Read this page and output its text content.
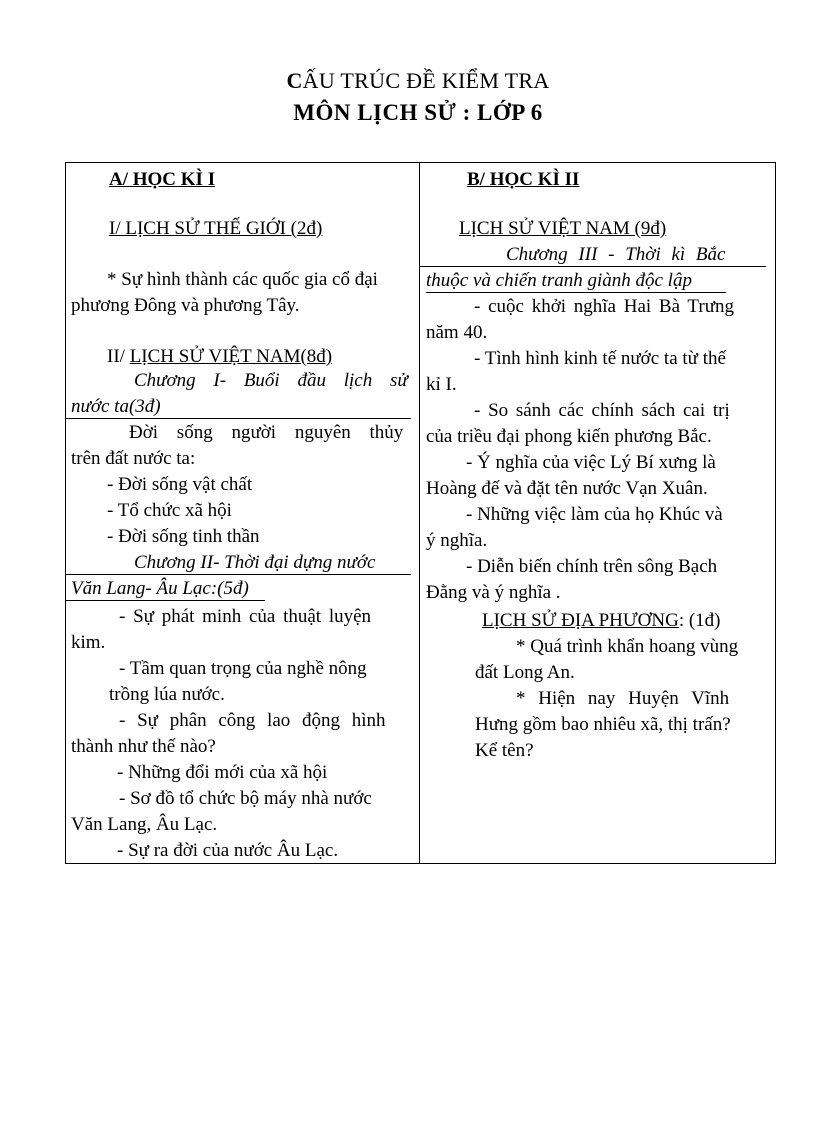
CẤU TRÚC ĐỀ KIỂM TRA
MÔN LỊCH SỬ : LỚP 6
A/ HỌC KÌ I
I/ LỊCH SỬ THẾ GIỚI (2đ)
* Sự hình thành các quốc gia cổ đại
phương Đông và phương Tây.
II/ LỊCH SỬ VIỆT NAM(8đ)
Chương I- Buổi đầu lịch sử
nước ta(3đ)
Đời sống người nguyên thủy
trên đất nước ta:
- Đời sống vật chất
- Tổ chức xã hội
- Đời sống tinh thần
Chương II- Thời đại dựng nước
Văn Lang- Âu Lạc:(5đ)
- Sự phát minh của thuật luyện
kim.
- Tầm quan trọng của nghề nông
trồng lúa nước.
- Sự phân công lao động hình
thành như thế nào?
- Những đổi mới của xã hội
- Sơ đồ tổ chức bộ máy nhà nước
Văn Lang, Âu Lạc.
- Sự ra đời của nước Âu Lạc.
B/ HỌC KÌ II
LỊCH SỬ VIỆT NAM (9đ)
Chương III - Thời kì Bắc
thuộc và chiến tranh giành độc lập
- cuộc khởi nghĩa Hai Bà Trưng
năm 40.
- Tình hình kinh tế nước ta từ thế
kỉ I.
- So sánh các chính sách cai trị
của triều đại phong kiến phương Bắc.
- Ý nghĩa của việc Lý Bí xưng là
Hoàng đế và đặt tên nước Vạn Xuân.
- Những việc làm của họ Khúc và
ý nghĩa.
- Diễn biến chính trên sông Bạch
Đằng và ý nghĩa .
LỊCH SỬ ĐỊA PHƯƠNG: (1đ)
* Quá trình khẩn hoang vùng
đất Long An.
* Hiện nay Huyện Vĩnh
Hưng gồm bao nhiêu xã, thị trấn?
Kể tên?
